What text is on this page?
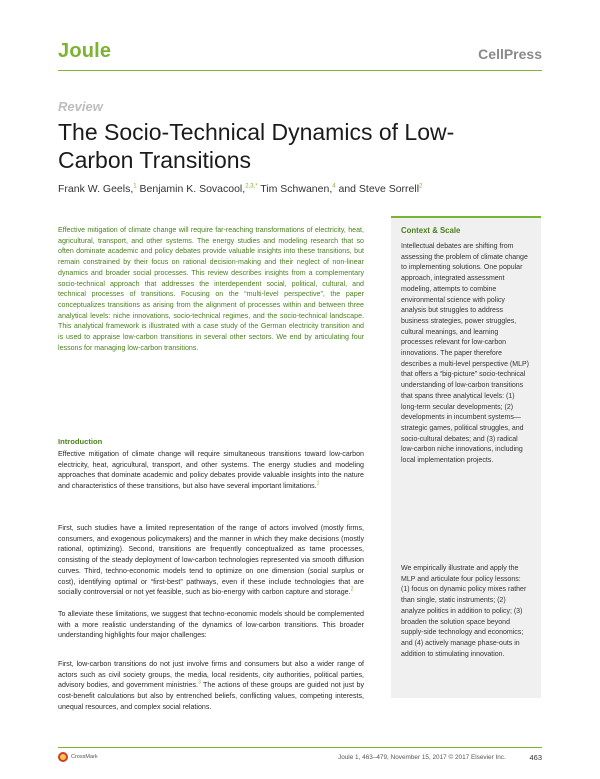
Joule	CellPress
Review
The Socio-Technical Dynamics of Low-Carbon Transitions
Frank W. Geels,$^1$ Benjamin K. Sovacool,$^{2,3,*}$ Tim Schwanen,$^4$ and Steve Sorrell$^2$

Effective mitigation of climate change will require far-reaching transformations of electricity, heat, agricultural, transport, and other systems. The energy studies and modeling research that so often dominate academic and policy debates provide valuable insights into these transitions, but remain constrained by their focus on rational decision-making and their neglect of non-linear dynamics and broader social processes. This review describes insights from a complementary socio-technical approach that addresses the interdependent social, political, cultural, and technical processes of transitions. Focusing on the “multi-level perspective”, the paper conceptualizes transitions as arising from the alignment of processes within and between three analytical levels: niche innovations, socio-technical regimes, and the socio-technical landscape. This analytical framework is illustrated with a case study of the German electricity transition and is used to appraise low-carbon transitions in several other sectors. We end by articulating four lessons for managing low-carbon transitions.

Introduction

Effective mitigation of climate change will require simultaneous transitions toward low-carbon electricity, heat, agricultural, transport, and other systems. The energy studies and modeling approaches that dominate academic and policy debates provide valuable insights into the nature and characteristics of these transitions, but also have several important limitations.$^1$

First, such studies have a limited representation of the range of actors involved (mostly firms, consumers, and exogenous policymakers) and the manner in which they make decisions (mostly rational, optimizing). Second, transitions are frequently conceptualized as tame processes, consisting of the steady deployment of low-carbon technologies represented via smooth diffusion curves. Third, techno-economic models tend to optimize on one dimension (social surplus or cost), identifying optimal or “first-best” pathways, even if these include technologies that are socially controversial or not yet feasible, such as bio-energy with carbon capture and storage.$^2$

To alleviate these limitations, we suggest that techno-economic models should be complemented with a more realistic understanding of the dynamics of low-carbon transitions. This broader understanding highlights four major challenges:

First, low-carbon transitions do not just involve firms and consumers but also a wider range of actors such as civil society groups, the media, local residents, city authorities, political parties, advisory bodies, and government ministries.$^3$ The actions of these groups are guided not just by cost-benefit calculations but also by entrenched beliefs, conflicting values, competing interests, unequal resources, and complex social relations.

Context & Scale

Intellectual debates are shifting from assessing the problem of climate change to implementing solutions. One popular approach, integrated assessment modeling, attempts to combine environmental science with policy analysis but struggles to address business strategies, power struggles, cultural meanings, and learning processes relevant for low-carbon innovations. The paper therefore describes a multi-level perspective (MLP) that offers a “big-picture” socio-technical understanding of low-carbon transitions that spans three analytical levels: (1) long-term secular developments; (2) developments in incumbent systems—strategic games, political struggles, and socio-cultural debates; and (3) radical low-carbon niche innovations, including local implementation projects.

We empirically illustrate and apply the MLP and articulate four policy lessons: (1) focus on dynamic policy mixes rather than single, static instruments; (2) analyze politics in addition to policy; (3) broaden the solution space beyond supply-side technology and economics; and (4) actively manage phase-outs in addition to stimulating innovation.

CrossMark	Joule 1, 463–479, November 15, 2017 © 2017 Elsevier Inc.	463
